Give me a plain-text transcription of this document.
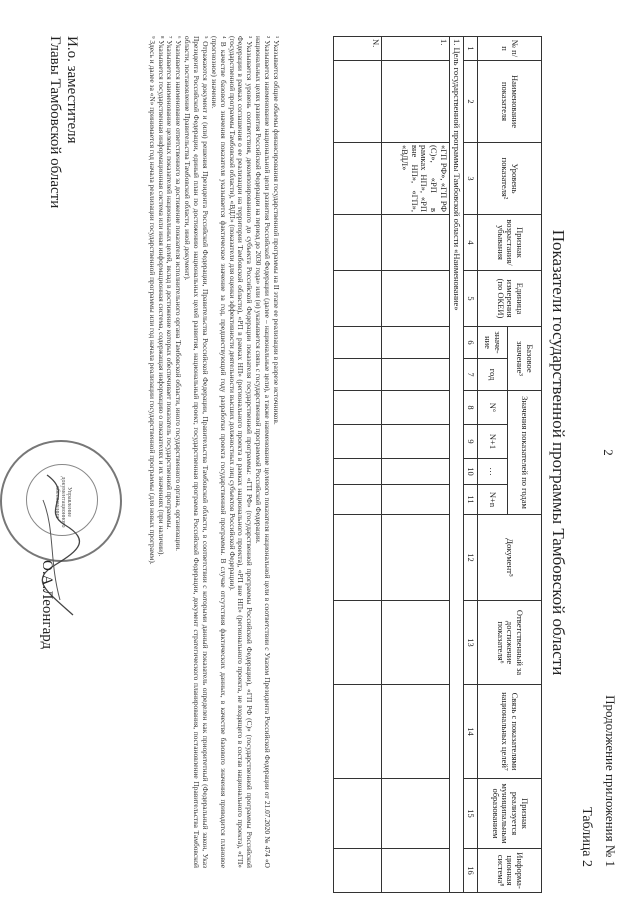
2
Продолжение приложения № 1
Таблица 2
Показатели государственной программы Тамбовской области
№ п/п	Наименование показателя	Уровень показателя²	Признак возрастания/ убывания	Единица измерения (по ОКЕИ)	Базовое значение³		Значения показателей по годам				Документ⁵	Ответственный за достижение показателя⁶	Связь с показателями национальных целей⁷	Признак реализуется муниципальным образованием	Информа-ционная система⁸
					значе-ние	год	N°	N+1	…	N+n					
1	2	3	4	5	6	7	8	9	10	11	12	13	14	15	16
1. Цель государственной программы Тамбовской области «Наименование»															
1.		«ГП РФ», «ГП РФ (С)», «РП в рамках НП», «РП вне НП», «ГП», «ВДЛ»													
N.															

¹ Указывается общие объемы финансирования государственной программы на II этапе ее реализации в разрезе источников.

² Указывается наименование национальной цели развития Российской Федерации (далее – национальные цели), а также наименование целевого показателя национальной цели в соответствии с Указом Президента Российской Федерации от 21.07.2020 № 474 «О национальных целях развития Российской Федерации на период до 2030 года» или (и) указывается связь с государственной программой Российской Федерации.

³ Указывается уровень соответствия, декомпозированного до субъекта Российской Федерации показателя государственной программы: «ГП РФ» (государственной программы Российской Федерации), «ГП РФ (С)» (государственной программы Российской Федерации в рамках соглашения о ее реализации на территории Тамбовской области), «РП в рамках НП» (регионального проекта в рамках национального проекта), «РП вне НП» (регионального проекта, не входящего в состав национального проекта), «ГП» (государственной программы Тамбовской области), «ВДЛ» (показатели для оценки эффективности деятельности высших должностных лиц субъектов Российской Федерации).

⁴ В качестве базового значения показателя указывается фактическое значение за год, предшествующий году разработки проекта государственной программы. В случае отсутствия фактических данных, в качестве базового значения приводится плановое (прогнозное) значение.

⁵ Отражаются документ и (или) решения Президента Российской Федерации, Правительства Российской Федерации, Правительства Тамбовской области, в соответствии с которыми данный показатель определен как приоритетный (Федеральный закон, Указ Президента Российской Федерации, единый план по достижению национальных целей развития, национальный проект, государственная программа Российской Федерации, документ стратегического планирования, постановление Правительства Тамбовской области, постановление Правительства Тамбовской области, иной документ).

⁶ Указывается наименование ответственного за достижение показателя исполнительного органа Тамбовской области, иного государственного органа, организации.

⁷ Указывается наименование целевых показателей национальных целей, вклад в достижение которых обеспечивает показатель государственной программы.

⁸ Указывается государственная информационная система или иная информационная система, содержащая информацию о показателях и их значениях (при наличии).

⁹ Здесь и далее за «N» принимается год начала реализации государственной программы или год начала реализации государственной программы (для новых программ).

Управление документационного обеспечения
И.о. заместителя
Главы Тамбовской области
О.А.Леонгард
